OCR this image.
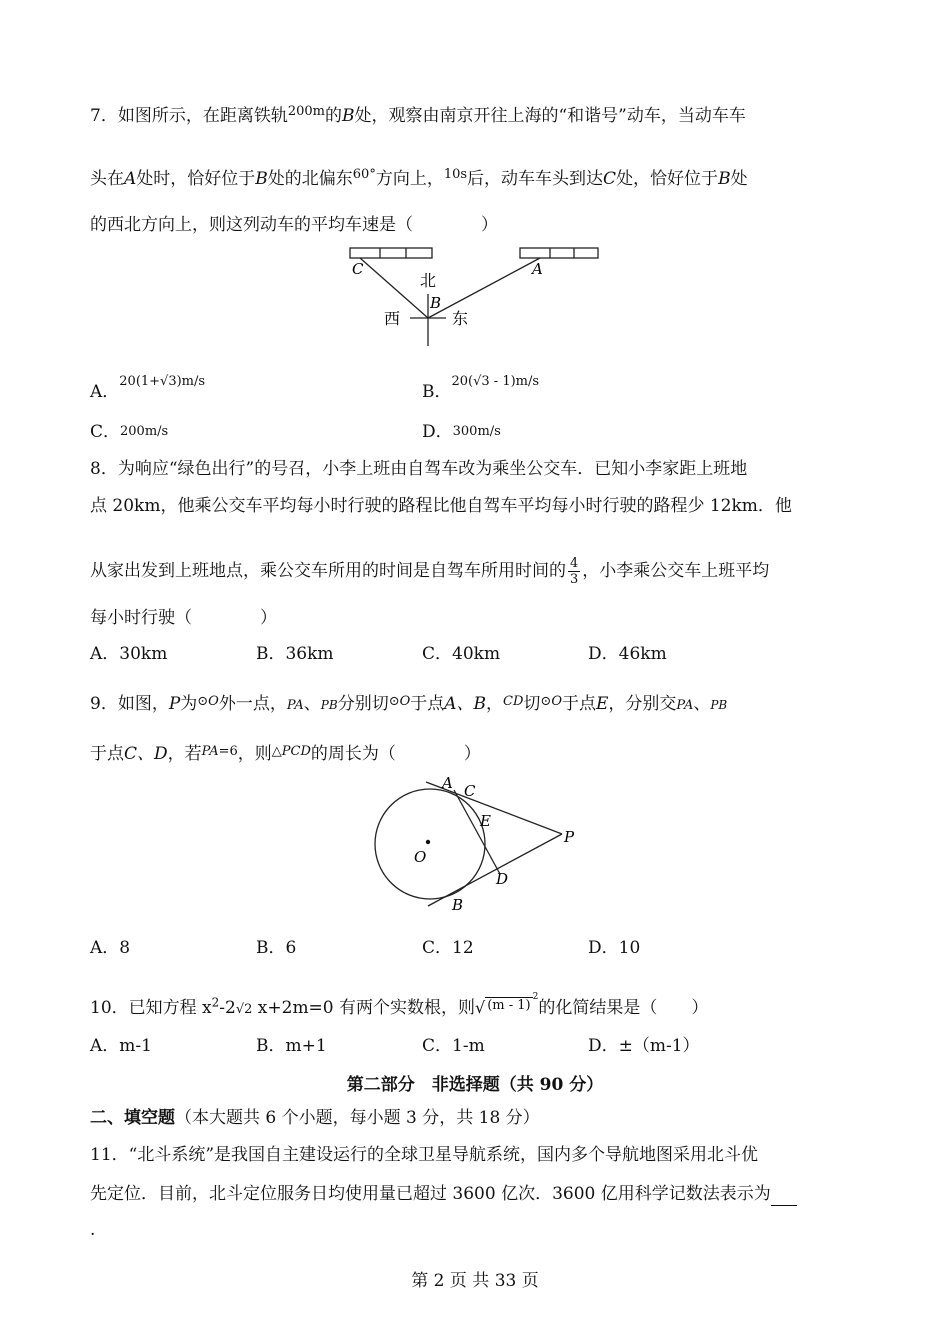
7．如图所示，在距离铁轨$^{200m}$的B处，观察由南京开往上海的“和谐号”动车，当动车车
头在A处时，恰好位于B处的北偏东$^{60^\circ}$方向上，$^{10s}$后，动车车头到达C处，恰好位于B处
的西北方向上，则这列动车的平均车速是（　　　　）
C	A
北
B
西	东
A．$^{20(1+√3)m/s}$
B．$^{20(√3 - 1)m/s}$
C．200m/s	D．300m/s
8．为响应“绿色出行”的号召，小李上班由自驾车改为乘坐公交车．已知小李家距上班地
点 20km，他乘公交车平均每小时行驶的路程比他自驾车平均每小时行驶的路程少 12km．他
从家出发到上班地点，乘公交车所用的时间是自驾车所用时间的 $\frac{4}{3}$ ，小李乘公交车上班平均
每小时行驶（　　　　）
A．30km	B．36km	C．40km	D．46km
9．如图，P为$^{⊙O}$外一点，PA、PB分别切$^{⊙O}$于点A、B，$^{CD}$切$^{⊙O}$于点E，分别交PA、PB
于点C、D，若$^{PA=6}$，则$^{\triangle PCD}$的周长为（　　　　）
A C
E
P
O
D
B
A．8	B．6	C．12	D．10
10．已知方程 $x^2-2√2$ x+2m=0 有两个实数根，则√ $^{(m - 1)2}$的化简结果是（　　）
A．m-1	B．m+1	C．1-m	D．±（m-1）
第二部分　非选择题（共 90 分）
二、填空题（本大题共 6 个小题，每小题 3 分，共 18 分）
11．“北斗系统”是我国自主建设运行的全球卫星导航系统，国内多个导航地图采用北斗优
先定位．目前，北斗定位服务日均使用量已超过 3600 亿次．3600 亿用科学记数法表示为
.
第 2 页 共 33 页
